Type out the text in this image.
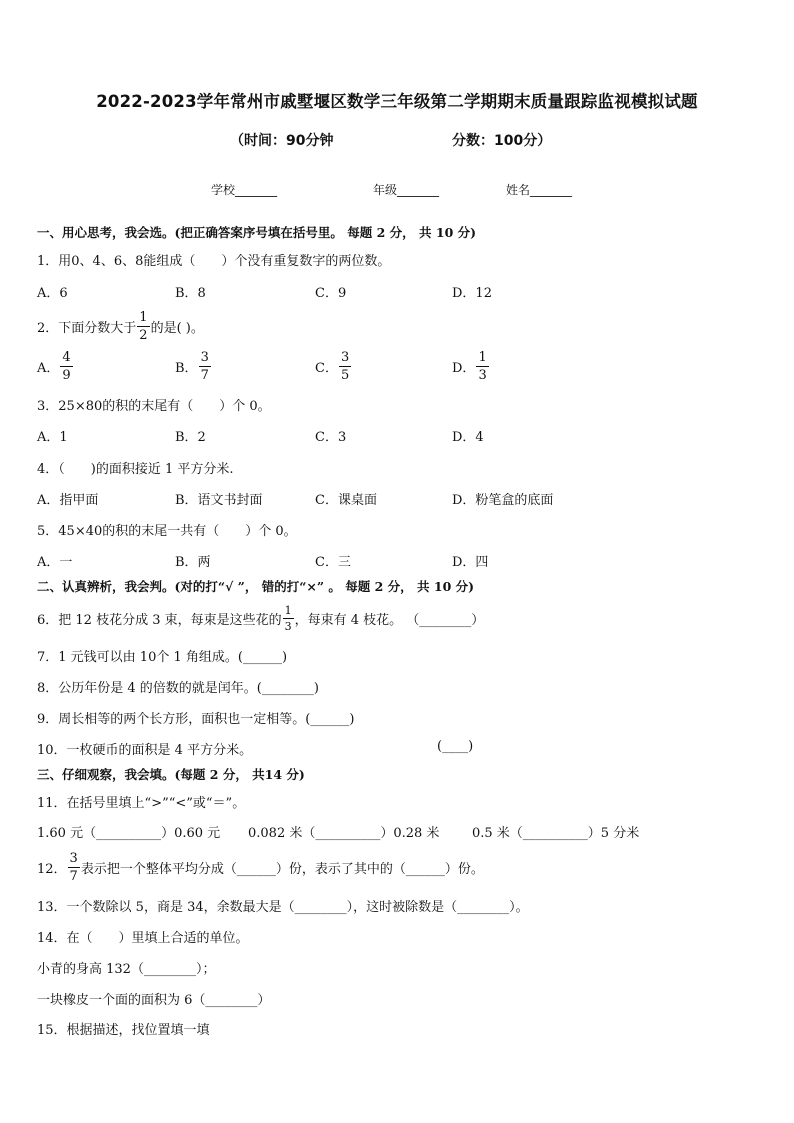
2022-2023学年常州市戚墅堰区数学三年级第二学期期末质量跟踪监视模拟试题
（时间：90分钟	分数：100分）
学校_______	年级_______	姓名_______
一、用心思考，我会选。(把正确答案序号填在括号里。 每题 2 分， 共 10 分)
1．用0、4、6、8能组成（　　）个没有重复数字的两位数。
A．6	B．8	C．9	D．12
2．下面分数大于 $\frac{1}{2}$ 的是( )。
A． $\frac{4}{9}$	B． $\frac{3}{7}$	C． $\frac{3}{5}$	D． $\frac{1}{3}$
3．25×80的积的末尾有（　　）个 0。
A．1	B．2	C．3	D．4
4．（　　)的面积接近 1 平方分米.
A．指甲面	B．语文书封面	C．课桌面	D．粉笔盒的底面
5．45×40的积的末尾一共有（　　）个 0。
A．一	B．两	C．三	D．四
二、认真辨析，我会判。(对的打“√ ”， 错的打“×” 。 每题 2 分， 共 10 分)
6．把 12 枝花分成 3 束，每束是这些花的 $\frac{1}{3}$ ，每束有 4 枝花。 （________）
7．1 元钱可以由 10个 1 角组成。(______)
8．公历年份是 4 的倍数的就是闰年。(________)
9．周长相等的两个长方形，面积也一定相等。(______)
10．一枚硬币的面积是 4 平方分米。	(____)
三、仔细观察，我会填。(每题 2 分， 共14 分)
11．在括号里填上“>”“<”或“＝”。
1.60 元（__________）0.60 元 0.082 米（__________）0.28 米	0.5 米（__________）5 分米
12． $\frac{3}{7}$ 表示把一个整体平均分成（______）份，表示了其中的（______）份。
13．一个数除以 5，商是 34，余数最大是（________），这时被除数是（________）。
14．在（　　）里填上合适的单位。
小青的身高 132（________）；
一块橡皮一个面的面积为 6（________）
15．根据描述，找位置填一填
